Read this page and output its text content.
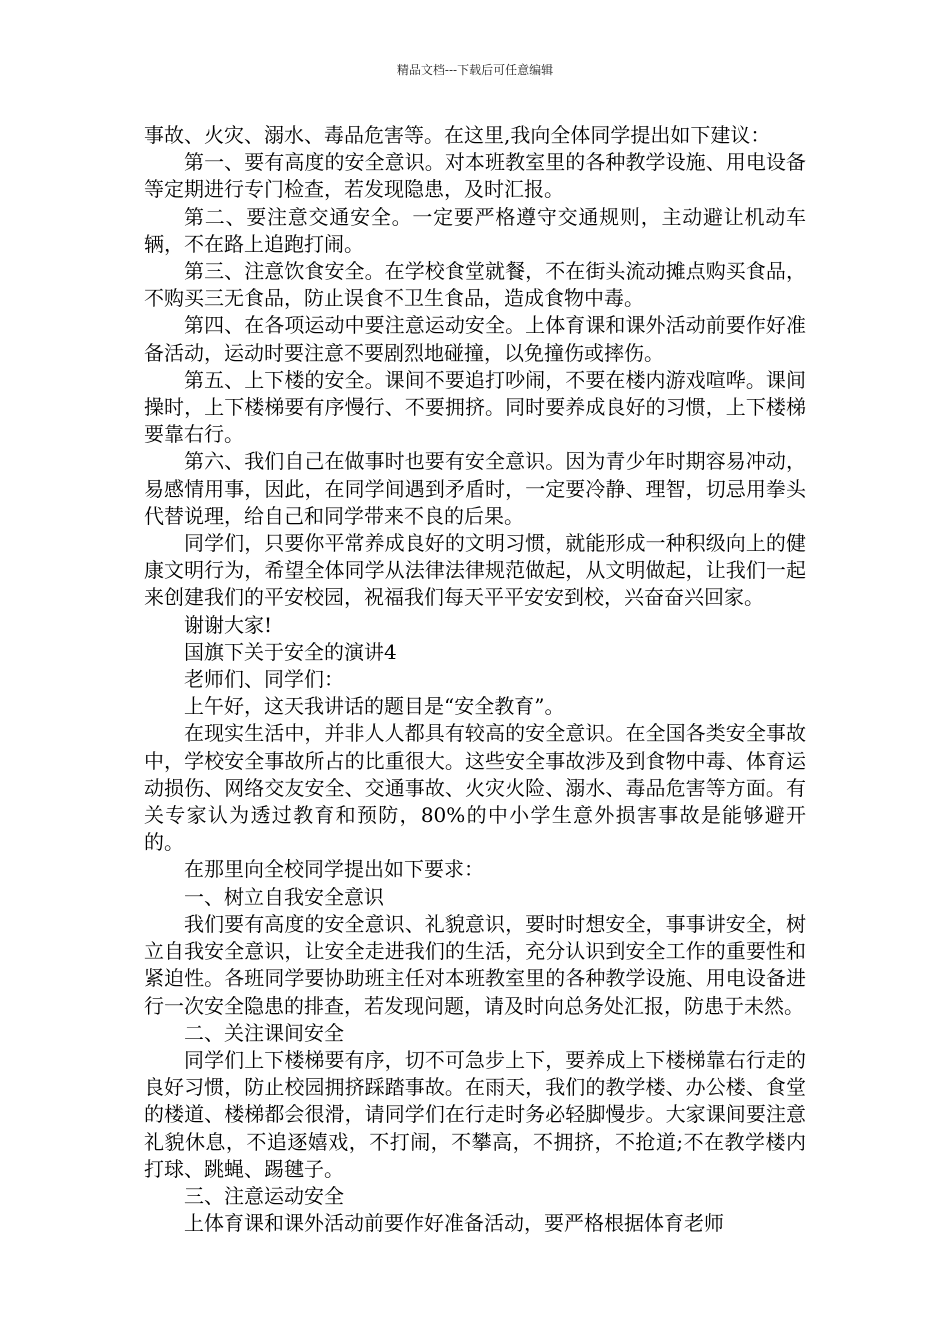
精品文档---下载后可任意编辑

事故、火灾、溺水、毒品危害等。在这里,我向全体同学提出如下建议：

第一、要有高度的安全意识。对本班教室里的各种教学设施、用电设备等定期进行专门检查，若发现隐患，及时汇报。

第二、要注意交通安全。一定要严格遵守交通规则，主动避让机动车辆，不在路上追跑打闹。

第三、注意饮食安全。在学校食堂就餐，不在街头流动摊点购买食品，不购买三无食品，防止误食不卫生食品，造成食物中毒。

第四、在各项运动中要注意运动安全。上体育课和课外活动前要作好准备活动，运动时要注意不要剧烈地碰撞，以免撞伤或摔伤。

第五、上下楼的安全。课间不要追打吵闹，不要在楼内游戏喧哗。课间操时，上下楼梯要有序慢行、不要拥挤。同时要养成良好的习惯，上下楼梯要靠右行。

第六、我们自己在做事时也要有安全意识。因为青少年时期容易冲动，易感情用事，因此，在同学间遇到矛盾时，一定要冷静、理智，切忌用拳头代替说理，给自己和同学带来不良的后果。

同学们，只要你平常养成良好的文明习惯，就能形成一种积级向上的健康文明行为，希望全体同学从法律法律规范做起，从文明做起，让我们一起来创建我们的平安校园，祝福我们每天平平安安到校，兴奋奋兴回家。

谢谢大家!

国旗下关于安全的演讲4

老师们、同学们：

上午好，这天我讲话的题目是“安全教育”。

在现实生活中，并非人人都具有较高的安全意识。在全国各类安全事故中，学校安全事故所占的比重很大。这些安全事故涉及到食物中毒、体育运动损伤、网络交友安全、交通事故、火灾火险、溺水、毒品危害等方面。有关专家认为透过教育和预防，80%的中小学生意外损害事故是能够避开的。

在那里向全校同学提出如下要求：

一、树立自我安全意识

我们要有高度的安全意识、礼貌意识，要时时想安全，事事讲安全，树立自我安全意识，让安全走进我们的生活，充分认识到安全工作的重要性和紧迫性。各班同学要协助班主任对本班教室里的各种教学设施、用电设备进行一次安全隐患的排查，若发现问题，请及时向总务处汇报，防患于未然。

二、关注课间安全

同学们上下楼梯要有序，切不可急步上下，要养成上下楼梯靠右行走的良好习惯，防止校园拥挤踩踏事故。在雨天，我们的教学楼、办公楼、食堂的楼道、楼梯都会很滑，请同学们在行走时务必轻脚慢步。大家课间要注意礼貌休息，不追逐嬉戏，不打闹，不攀高，不拥挤，不抢道;不在教学楼内打球、跳蝇、踢毽子。

三、注意运动安全

上体育课和课外活动前要作好准备活动，要严格根据体育老师
